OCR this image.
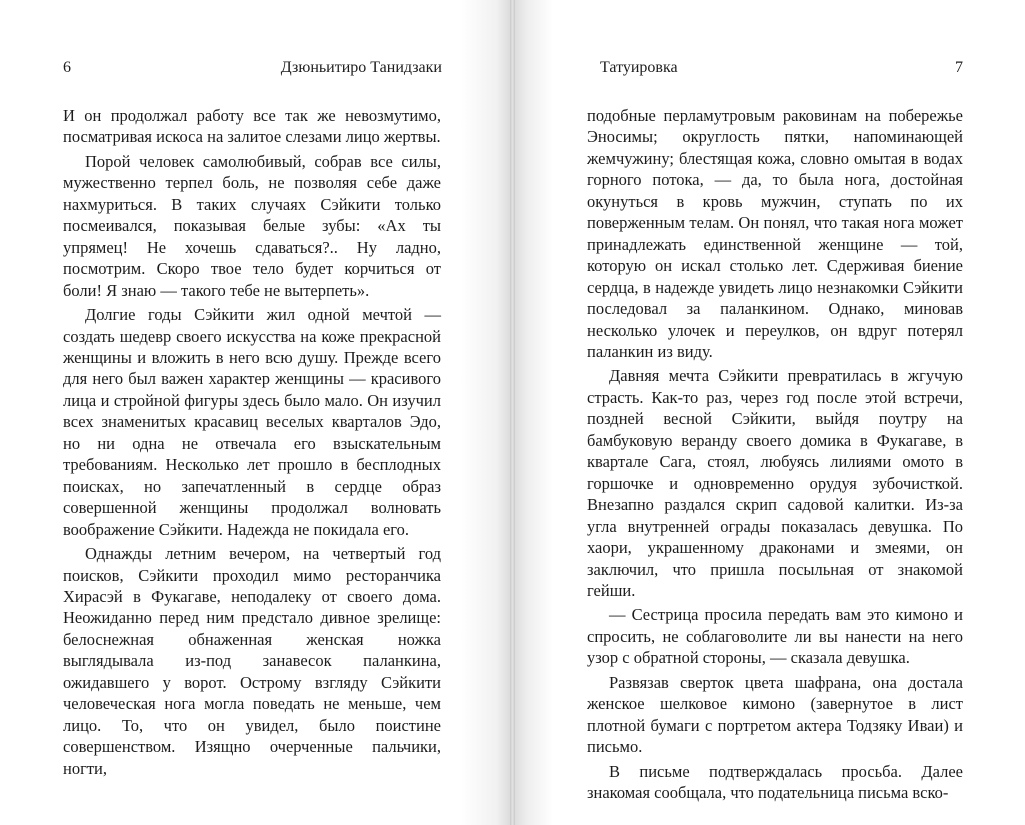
6	Дзюньитиро Танидзаки

И он продолжал работу все так же невозмутимо, посматривая искоса на залитое слезами лицо жертвы.

Порой человек самолюбивый, собрав все силы, мужественно терпел боль, не позволяя себе даже нахмуриться. В таких случаях Сэйкити только посмеивался, показывая белые зубы: «Ах ты упрямец! Не хочешь сдаваться?.. Ну ладно, посмотрим. Скоро твое тело будет корчиться от боли! Я знаю — такого тебе не вытерпеть».

Долгие годы Сэйкити жил одной мечтой — создать шедевр своего искусства на коже прекрасной женщины и вложить в него всю душу. Прежде всего для него был важен характер женщины — красивого лица и стройной фигуры здесь было мало. Он изучил всех знаменитых красавиц веселых кварталов Эдо, но ни одна не отвечала его взыскательным требованиям. Несколько лет прошло в бесплодных поисках, но запечатленный в сердце образ совершенной женщины продолжал волновать воображение Сэйкити. Надежда не покидала его.

Однажды летним вечером, на четвертый год поисков, Сэйкити проходил мимо ресторанчика Хирасэй в Фукагаве, неподалеку от своего дома. Неожиданно перед ним предстало дивное зрелище: белоснежная обнаженная женская ножка выглядывала из-под занавесок паланкина, ожидавшего у ворот. Острому взгляду Сэйкити человеческая нога могла поведать не меньше, чем лицо. То, что он увидел, было поистине совершенством. Изящно очерченные пальчики, ногти,

Татуировка	7

подобные перламутровым раковинам на побережье Эносимы; округлость пятки, напоминающей жемчужину; блестящая кожа, словно омытая в водах горного потока, — да, то была нога, достойная окунуться в кровь мужчин, ступать по их поверженным телам. Он понял, что такая нога может принадлежать единственной женщине — той, которую он искал столько лет. Сдерживая биение сердца, в надежде увидеть лицо незнакомки Сэйкити последовал за паланкином. Однако, миновав несколько улочек и переулков, он вдруг потерял паланкин из виду.

Давняя мечта Сэйкити превратилась в жгучую страсть. Как-то раз, через год после этой встречи, поздней весной Сэйкити, выйдя поутру на бамбуковую веранду своего домика в Фукагаве, в квартале Сага, стоял, любуясь лилиями омото в горшочке и одновременно орудуя зубочисткой. Внезапно раздался скрип садовой калитки. Из-за угла внутренней ограды показалась девушка. По хаори, украшенному драконами и змеями, он заключил, что пришла посыльная от знакомой гейши.

— Сестрица просила передать вам это кимоно и спросить, не соблаговолите ли вы нанести на него узор с обратной стороны, — сказала девушка.

Развязав сверток цвета шафрана, она достала женское шелковое кимоно (завернутое в лист плотной бумаги с портретом актера Тодзяку Иваи) и письмо.

В письме подтверждалась просьба. Далее знакомая сообщала, что подательница письма вско-
